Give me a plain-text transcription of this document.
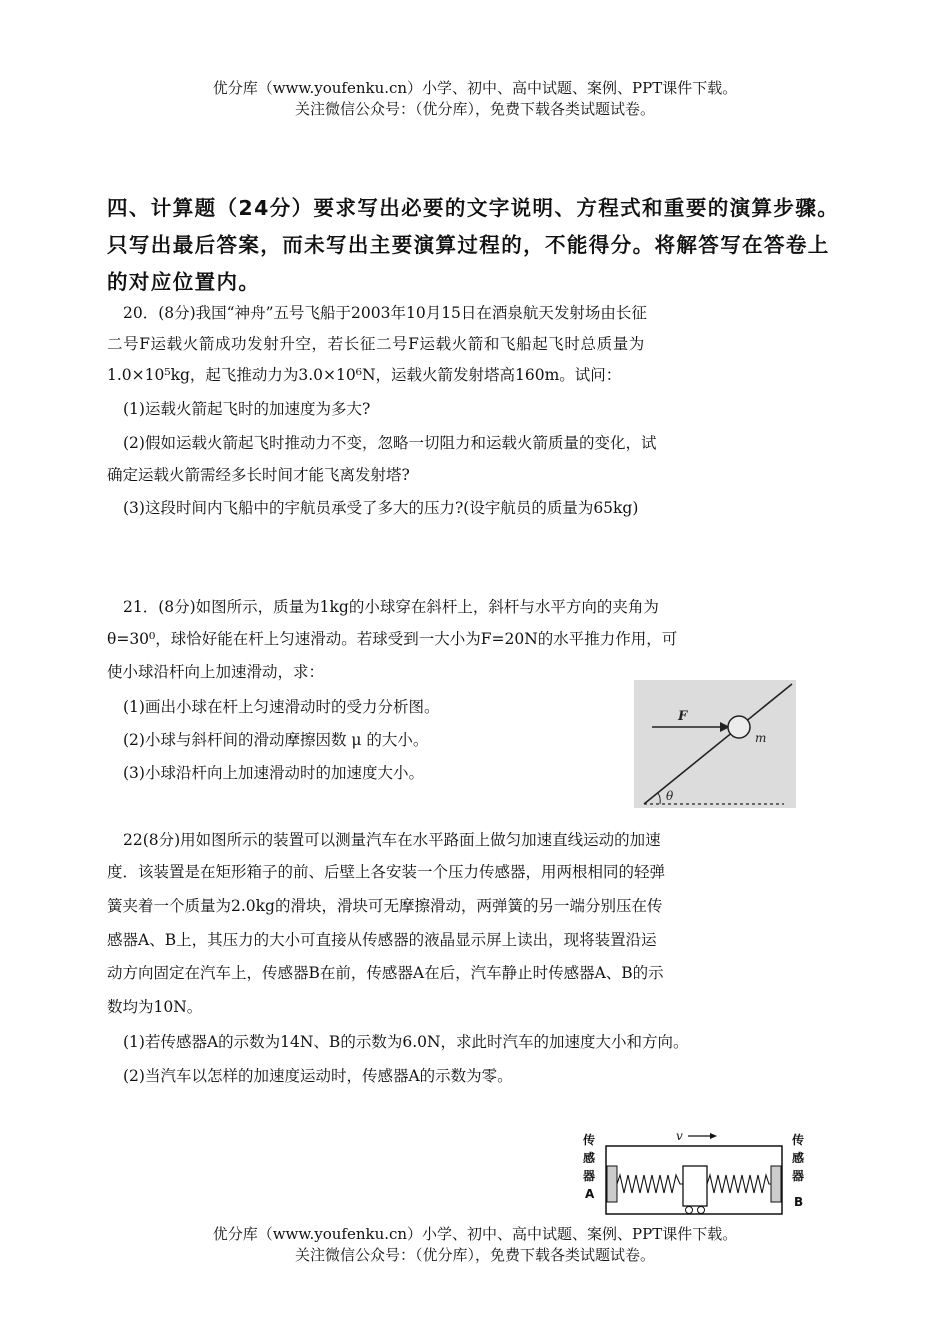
优分库（www.youfenku.cn）小学、初中、高中试题、案例、PPT课件下载。
关注微信公众号：（优分库），免费下载各类试题试卷。
四、计算题（24分）要求写出必要的文字说明、方程式和重要的演算步骤。只写出最后答案，而未写出主要演算过程的，不能得分。将解答写在答卷上的对应位置内。
20．(8分)我国“神舟”五号飞船于2003年10月15日在酒泉航天发射场由长征
二号F运载火箭成功发射升空，若长征二号F运载火箭和飞船起飞时总质量为
1.0×10⁵kg，起飞推动力为3.0×10⁶N，运载火箭发射塔高160m。试问：
(1)运载火箭起飞时的加速度为多大?
(2)假如运载火箭起飞时推动力不变，忽略一切阻力和运载火箭质量的变化，试
确定运载火箭需经多长时间才能飞离发射塔?
(3)这段时间内飞船中的宇航员承受了多大的压力?(设宇航员的质量为65kg)
21．(8分)如图所示，质量为1kg的小球穿在斜杆上，斜杆与水平方向的夹角为
θ=30⁰，球恰好能在杆上匀速滑动。若球受到一大小为F=20N的水平推力作用，可
使小球沿杆向上加速滑动，求：
(1)画出小球在杆上匀速滑动时的受力分析图。
(2)小球与斜杆间的滑动摩擦因数 μ 的大小。
(3)小球沿杆向上加速滑动时的加速度大小。
F
m
θ
22(8分)用如图所示的装置可以测量汽车在水平路面上做匀加速直线运动的加速
度．该装置是在矩形箱子的前、后壁上各安装一个压力传感器，用两根相同的轻弹
簧夹着一个质量为2.0kg的滑块，滑块可无摩擦滑动，两弹簧的另一端分别压在传
感器A、B上，其压力的大小可直接从传感器的液晶显示屏上读出，现将装置沿运
动方向固定在汽车上，传感器B在前，传感器A在后，汽车静止时传感器A、B的示
数均为10N。
(1)若传感器A的示数为14N、B的示数为6.0N，求此时汽车的加速度大小和方向。
(2)当汽车以怎样的加速度运动时，传感器A的示数为零。
传
感
器
A
传
感
器
B
v
优分库（www.youfenku.cn）小学、初中、高中试题、案例、PPT课件下载。
关注微信公众号：（优分库），免费下载各类试题试卷。
